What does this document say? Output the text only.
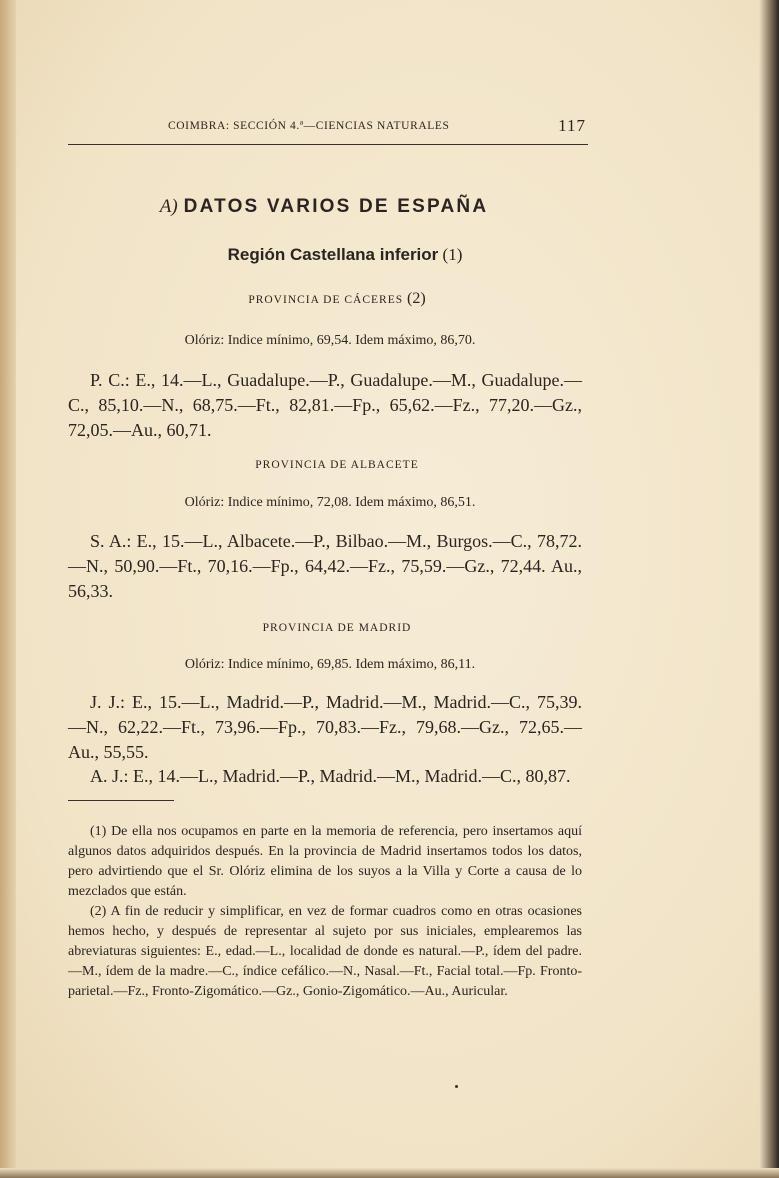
COIMBRA: SECCIÓN 4.ª—CIENCIAS NATURALES	117
A) DATOS VARIOS DE ESPAÑA
Región Castellana inferior (1)
PROVINCIA DE CÁCERES (2)
Olóriz: Indice mínimo, 69,54. Idem máximo, 86,70.
P. C.: E., 14.—L., Guadalupe.—P., Guadalupe.—M., Guadalupe.—C., 85,10.—N., 68,75.—Ft., 82,81.—Fp., 65,62.—Fz., 77,20.—Gz., 72,05.—Au., 60,71.
PROVINCIA DE ALBACETE
Olóriz: Indice mínimo, 72,08. Idem máximo, 86,51.
S. A.: E., 15.—L., Albacete.—P., Bilbao.—M., Burgos.—C., 78,72.—N., 50,90.—Ft., 70,16.—Fp., 64,42.—Fz., 75,59.—Gz., 72,44. Au., 56,33.
PROVINCIA DE MADRID
Olóriz: Indice mínimo, 69,85. Idem máximo, 86,11.
J. J.: E., 15.—L., Madrid.—P., Madrid.—M., Madrid.—C., 75,39.—N., 62,22.—Ft., 73,96.—Fp., 70,83.—Fz., 79,68.—Gz., 72,65.—Au., 55,55.
A. J.: E., 14.—L., Madrid.—P., Madrid.—M., Madrid.—C., 80,87.
(1) De ella nos ocupamos en parte en la memoria de referencia, pero insertamos aquí algunos datos adquiridos después. En la provincia de Madrid insertamos todos los datos, pero advirtiendo que el Sr. Olóriz elimina de los suyos a la Villa y Corte a causa de lo mezclados que están.
(2) A fin de reducir y simplificar, en vez de formar cuadros como en otras ocasiones hemos hecho, y después de representar al sujeto por sus iniciales, emplearemos las abreviaturas siguientes: E., edad.—L., localidad de donde es natural.—P., ídem del padre.—M., ídem de la madre.—C., índice cefálico.—N., Nasal.—Ft., Facial total.—Fp. Fronto-parietal.—Fz., Fronto-Zigomático.—Gz., Gonio-Zigomático.—Au., Auricular.
